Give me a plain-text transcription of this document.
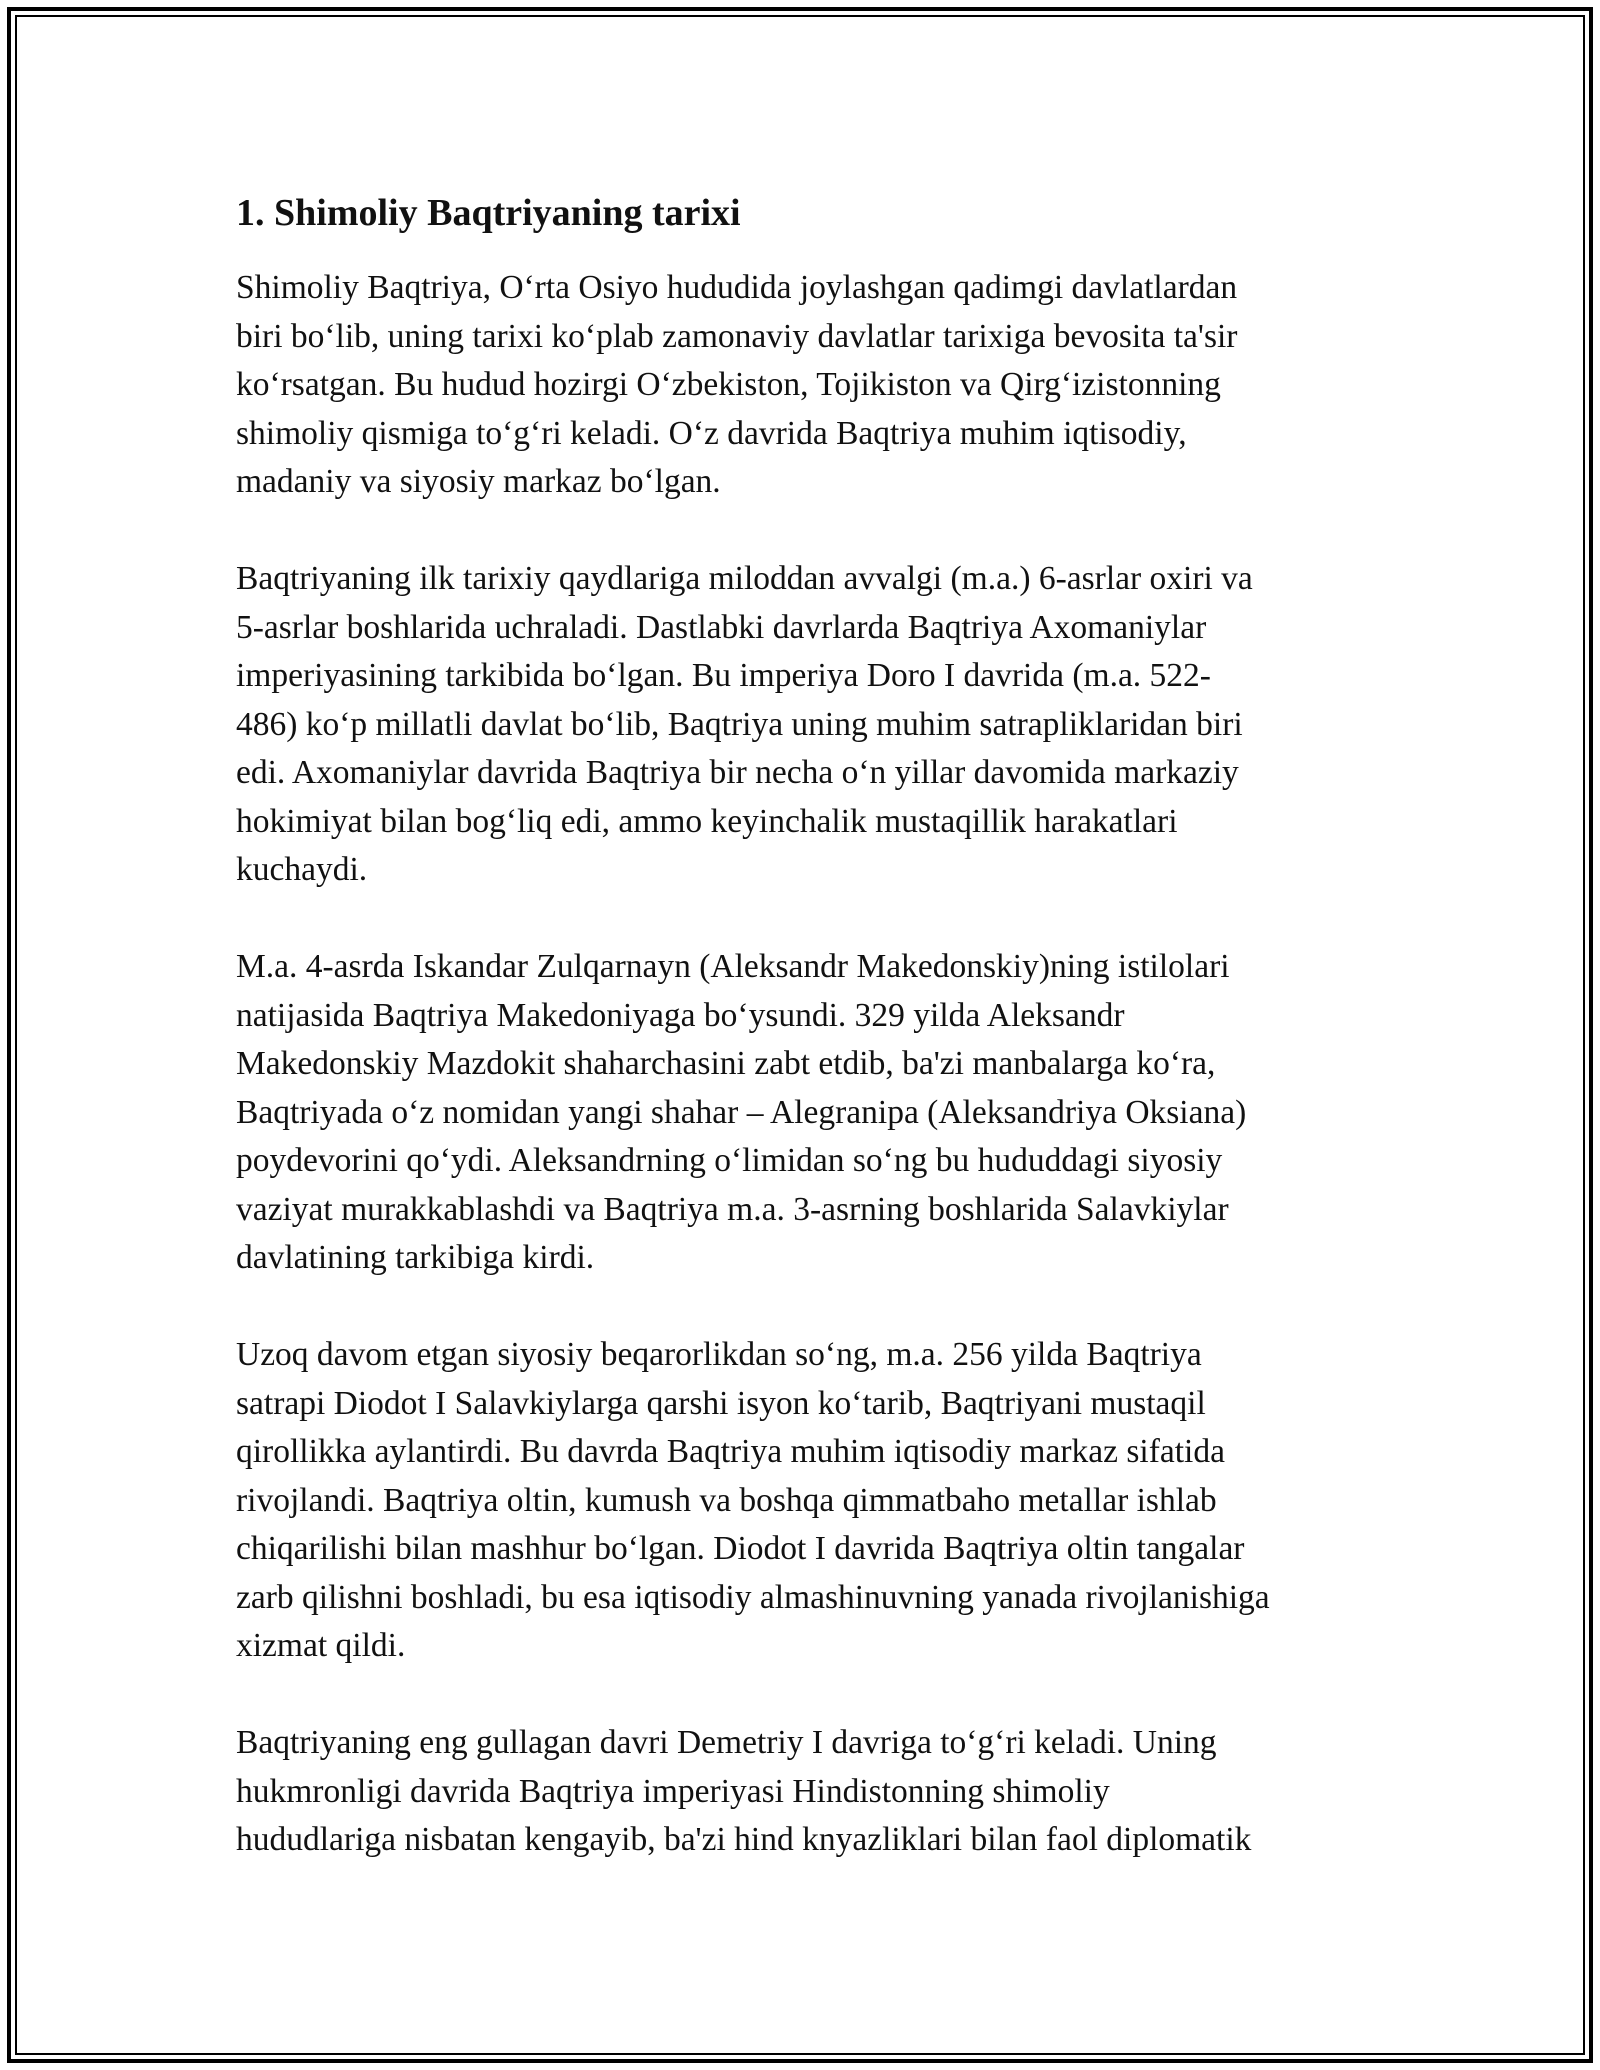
1. Shimoliy Baqtriyaning tarixi

Shimoliy Baqtriya, O‘rta Osiyo hududida joylashgan qadimgi davlatlardan
biri bo‘lib, uning tarixi ko‘plab zamonaviy davlatlar tarixiga bevosita ta'sir
ko‘rsatgan. Bu hudud hozirgi O‘zbekiston, Tojikiston va Qirg‘izistonning
shimoliy qismiga to‘g‘ri keladi. O‘z davrida Baqtriya muhim iqtisodiy,
madaniy va siyosiy markaz bo‘lgan.

Baqtriyaning ilk tarixiy qaydlariga miloddan avvalgi (m.a.) 6-asrlar oxiri va
5-asrlar boshlarida uchraladi. Dastlabki davrlarda Baqtriya Axomaniylar
imperiyasining tarkibida bo‘lgan. Bu imperiya Doro I davrida (m.a. 522-
486) ko‘p millatli davlat bo‘lib, Baqtriya uning muhim satrapliklaridan biri
edi. Axomaniylar davrida Baqtriya bir necha o‘n yillar davomida markaziy
hokimiyat bilan bog‘liq edi, ammo keyinchalik mustaqillik harakatlari
kuchaydi.

M.a. 4-asrda Iskandar Zulqarnayn (Aleksandr Makedonskiy)ning istilolari
natijasida Baqtriya Makedoniyaga bo‘ysundi. 329 yilda Aleksandr
Makedonskiy Mazdokit shaharchasini zabt etdib, ba'zi manbalarga ko‘ra,
Baqtriyada o‘z nomidan yangi shahar – Alegranipa (Aleksandriya Oksiana)
poydevorini qo‘ydi. Aleksandrning o‘limidan so‘ng bu hududdagi siyosiy
vaziyat murakkablashdi va Baqtriya m.a. 3-asrning boshlarida Salavkiylar
davlatining tarkibiga kirdi.

Uzoq davom etgan siyosiy beqarorlikdan so‘ng, m.a. 256 yilda Baqtriya
satrapi Diodot I Salavkiylarga qarshi isyon ko‘tarib, Baqtriyani mustaqil
qirollikka aylantirdi. Bu davrda Baqtriya muhim iqtisodiy markaz sifatida
rivojlandi. Baqtriya oltin, kumush va boshqa qimmatbaho metallar ishlab
chiqarilishi bilan mashhur bo‘lgan. Diodot I davrida Baqtriya oltin tangalar
zarb qilishni boshladi, bu esa iqtisodiy almashinuvning yanada rivojlanishiga
xizmat qildi.

Baqtriyaning eng gullagan davri Demetriy I davriga to‘g‘ri keladi. Uning
hukmronligi davrida Baqtriya imperiyasi Hindistonning shimoliy
hududlariga nisbatan kengayib, ba'zi hind knyazliklari bilan faol diplomatik
